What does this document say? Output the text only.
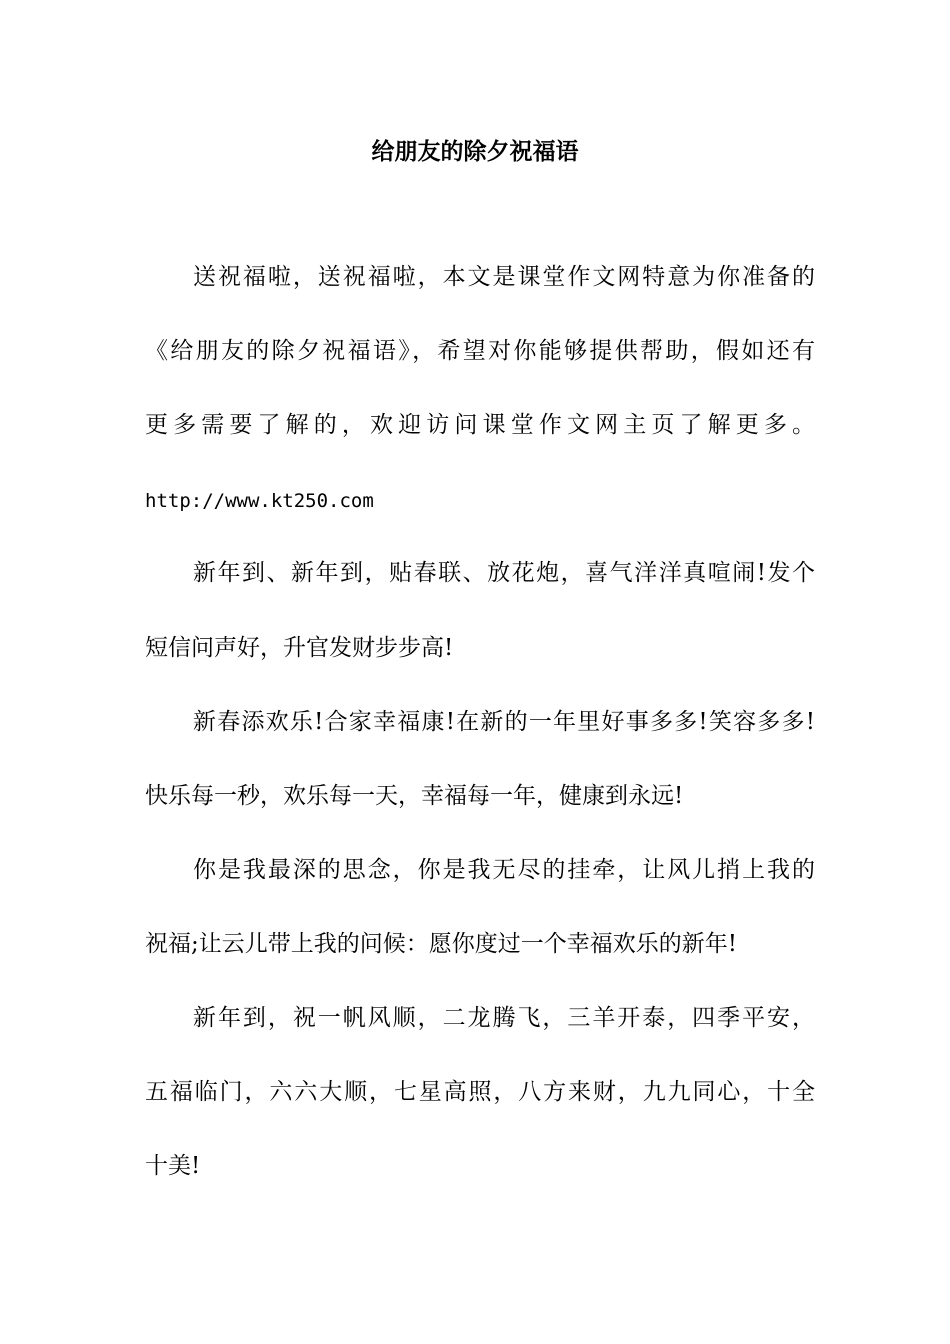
给朋友的除夕祝福语
送祝福啦，送祝福啦，本文是课堂作文网特意为你准备的
《给朋友的除夕祝福语》，希望对你能够提供帮助，假如还有
更多需要了解的，欢迎访问课堂作文网主页了解更多。
http://www.kt250.com
新年到、新年到，贴春联、放花炮，喜气洋洋真喧闹!发个
短信问声好，升官发财步步高!
新春添欢乐!合家幸福康!在新的一年里好事多多!笑容多多!
快乐每一秒，欢乐每一天，幸福每一年，健康到永远!
你是我最深的思念，你是我无尽的挂牵，让风儿捎上我的
祝福;让云儿带上我的问候：愿你度过一个幸福欢乐的新年!
新年到，祝一帆风顺，二龙腾飞，三羊开泰，四季平安，
五福临门，六六大顺，七星高照，八方来财，九九同心，十全
十美!
